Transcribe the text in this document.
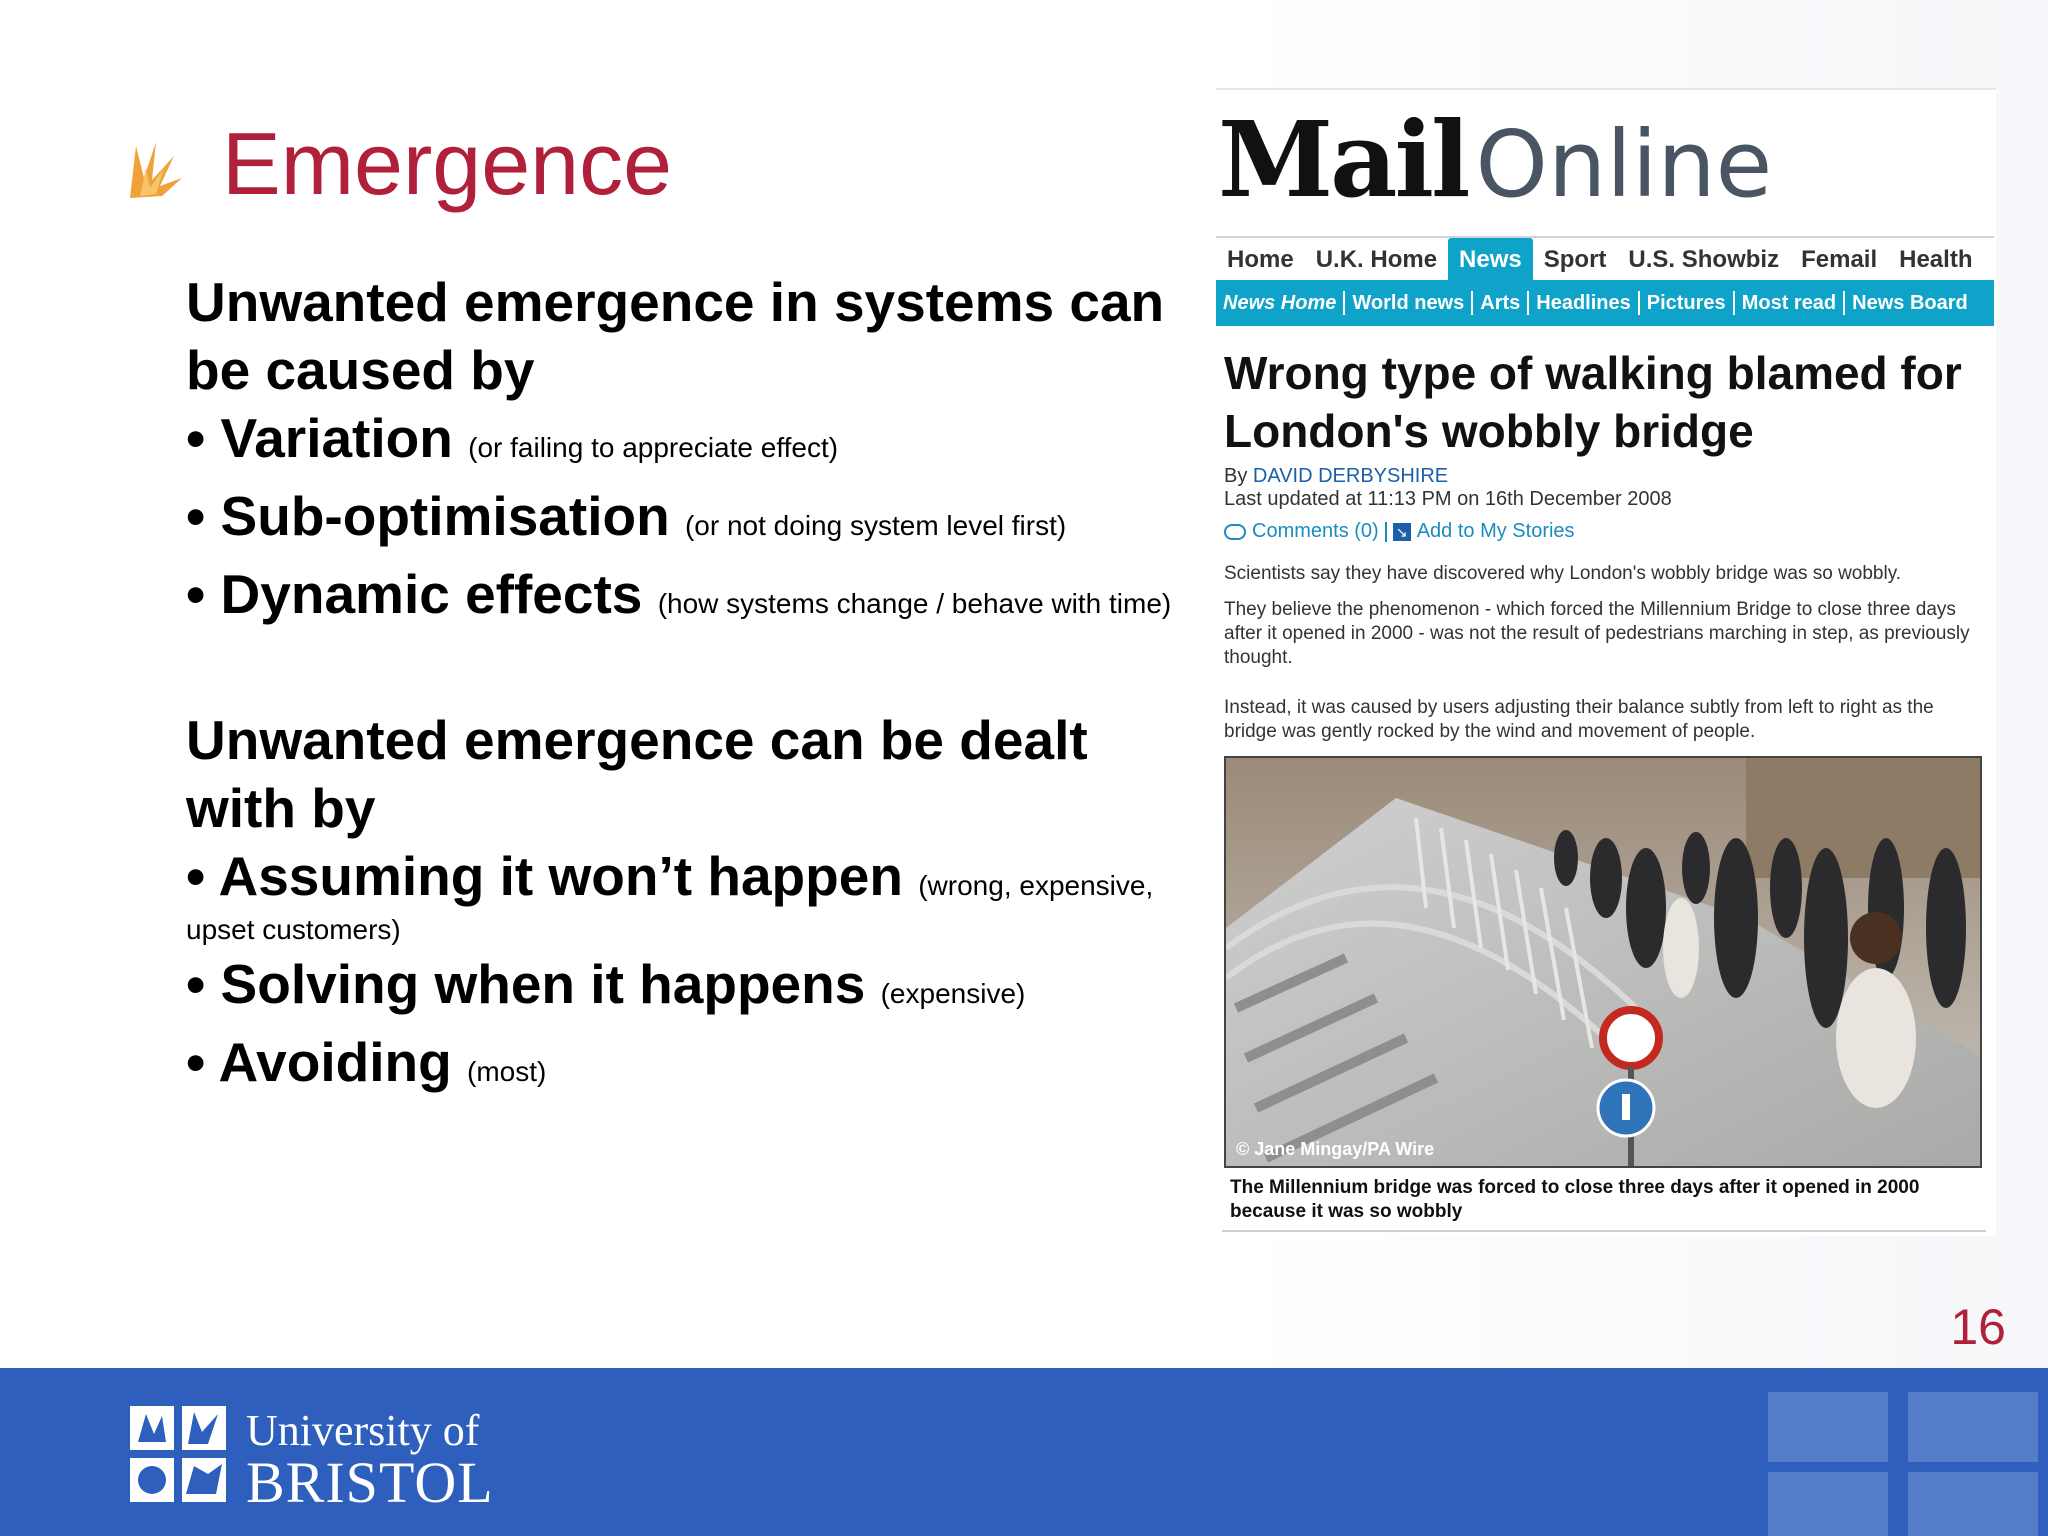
Emergence
Unwanted emergence in systems can be caused by
• Variation (or failing to appreciate effect)
• Sub-optimisation (or not doing system level first)
• Dynamic effects (how systems change / behave with time)
Unwanted emergence can be dealt with by
• Assuming it won’t happen (wrong, expensive,
upset customers)
• Solving when it happens (expensive)
• Avoiding (most)
MailOnline
Home U.K. Home News Sport U.S. Showbiz Femail Health
News Home World news Arts Headlines Pictures Most read News Board
Wrong type of walking blamed for London's wobbly bridge
By DAVID DERBYSHIRE
Last updated at 11:13 PM on 16th December 2008
Comments (0) ↘ Add to My Stories
Scientists say they have discovered why London's wobbly bridge was so wobbly.
They believe the phenomenon - which forced the Millennium Bridge to close three days after it opened in 2000 - was not the result of pedestrians marching in step, as previously thought.
Instead, it was caused by users adjusting their balance subtly from left to right as the bridge was gently rocked by the wind and movement of people.
© Jane Mingay/PA Wire
The Millennium bridge was forced to close three days after it opened in 2000 because it was so wobbly
16
University of
BRISTOL
